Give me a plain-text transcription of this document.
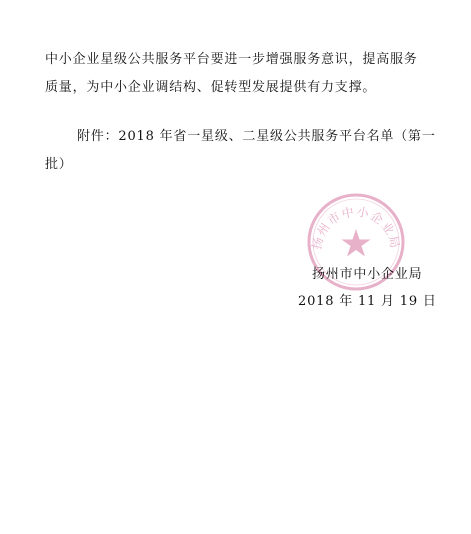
中小企业星级公共服务平台要进一步增强服务意识，提高服务
质量，为中小企业调结构、促转型发展提供有力支撑。
附件：2018 年省一星级、二星级公共服务平台名单（第一
批）
扬州市中小企业局
扬州市中小企业局
2018 年 11 月 19 日
